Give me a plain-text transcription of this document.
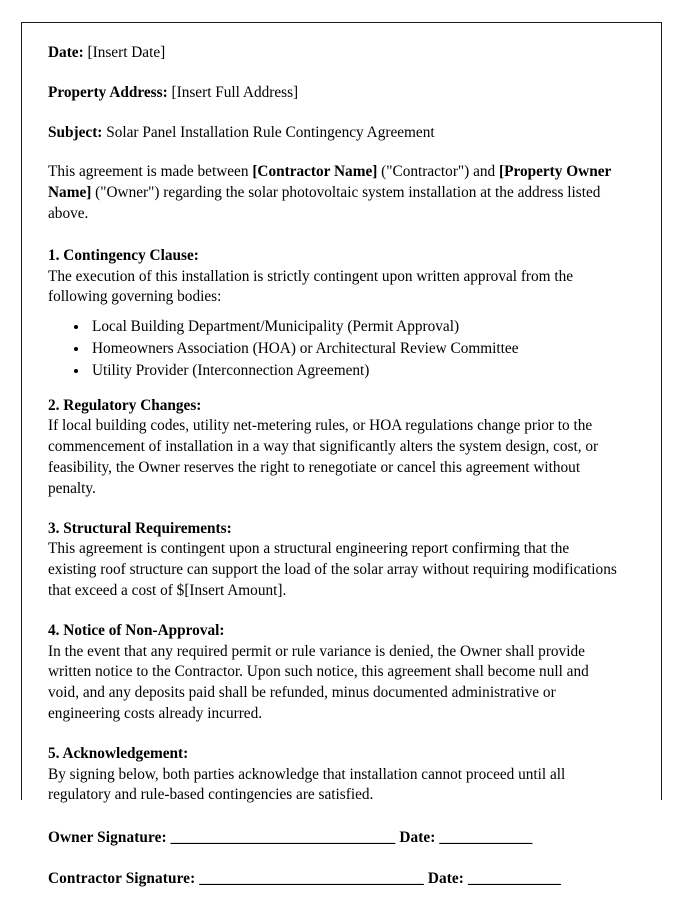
Date: [Insert Date]

Property Address: [Insert Full Address]

Subject: Solar Panel Installation Rule Contingency Agreement

This agreement is made between [Contractor Name] ("Contractor") and [Property Owner Name] ("Owner") regarding the solar photovoltaic system installation at the address listed above.

1. Contingency Clause:

The execution of this installation is strictly contingent upon written approval from the following governing bodies:

• Local Building Department/Municipality (Permit Approval)
• Homeowners Association (HOA) or Architectural Review Committee
• Utility Provider (Interconnection Agreement)

2. Regulatory Changes:

If local building codes, utility net-metering rules, or HOA regulations change prior to the commencement of installation in a way that significantly alters the system design, cost, or feasibility, the Owner reserves the right to renegotiate or cancel this agreement without penalty.

3. Structural Requirements:

This agreement is contingent upon a structural engineering report confirming that the existing roof structure can support the load of the solar array without requiring modifications that exceed a cost of $[Insert Amount].

4. Notice of Non-Approval:

In the event that any required permit or rule variance is denied, the Owner shall provide written notice to the Contractor. Upon such notice, this agreement shall become null and void, and any deposits paid shall be refunded, minus documented administrative or engineering costs already incurred.

5. Acknowledgement:

By signing below, both parties acknowledge that installation cannot proceed until all regulatory and rule-based contingencies are satisfied.

Owner Signature: _____________________________ Date: ____________

Contractor Signature: _____________________________ Date: ____________
